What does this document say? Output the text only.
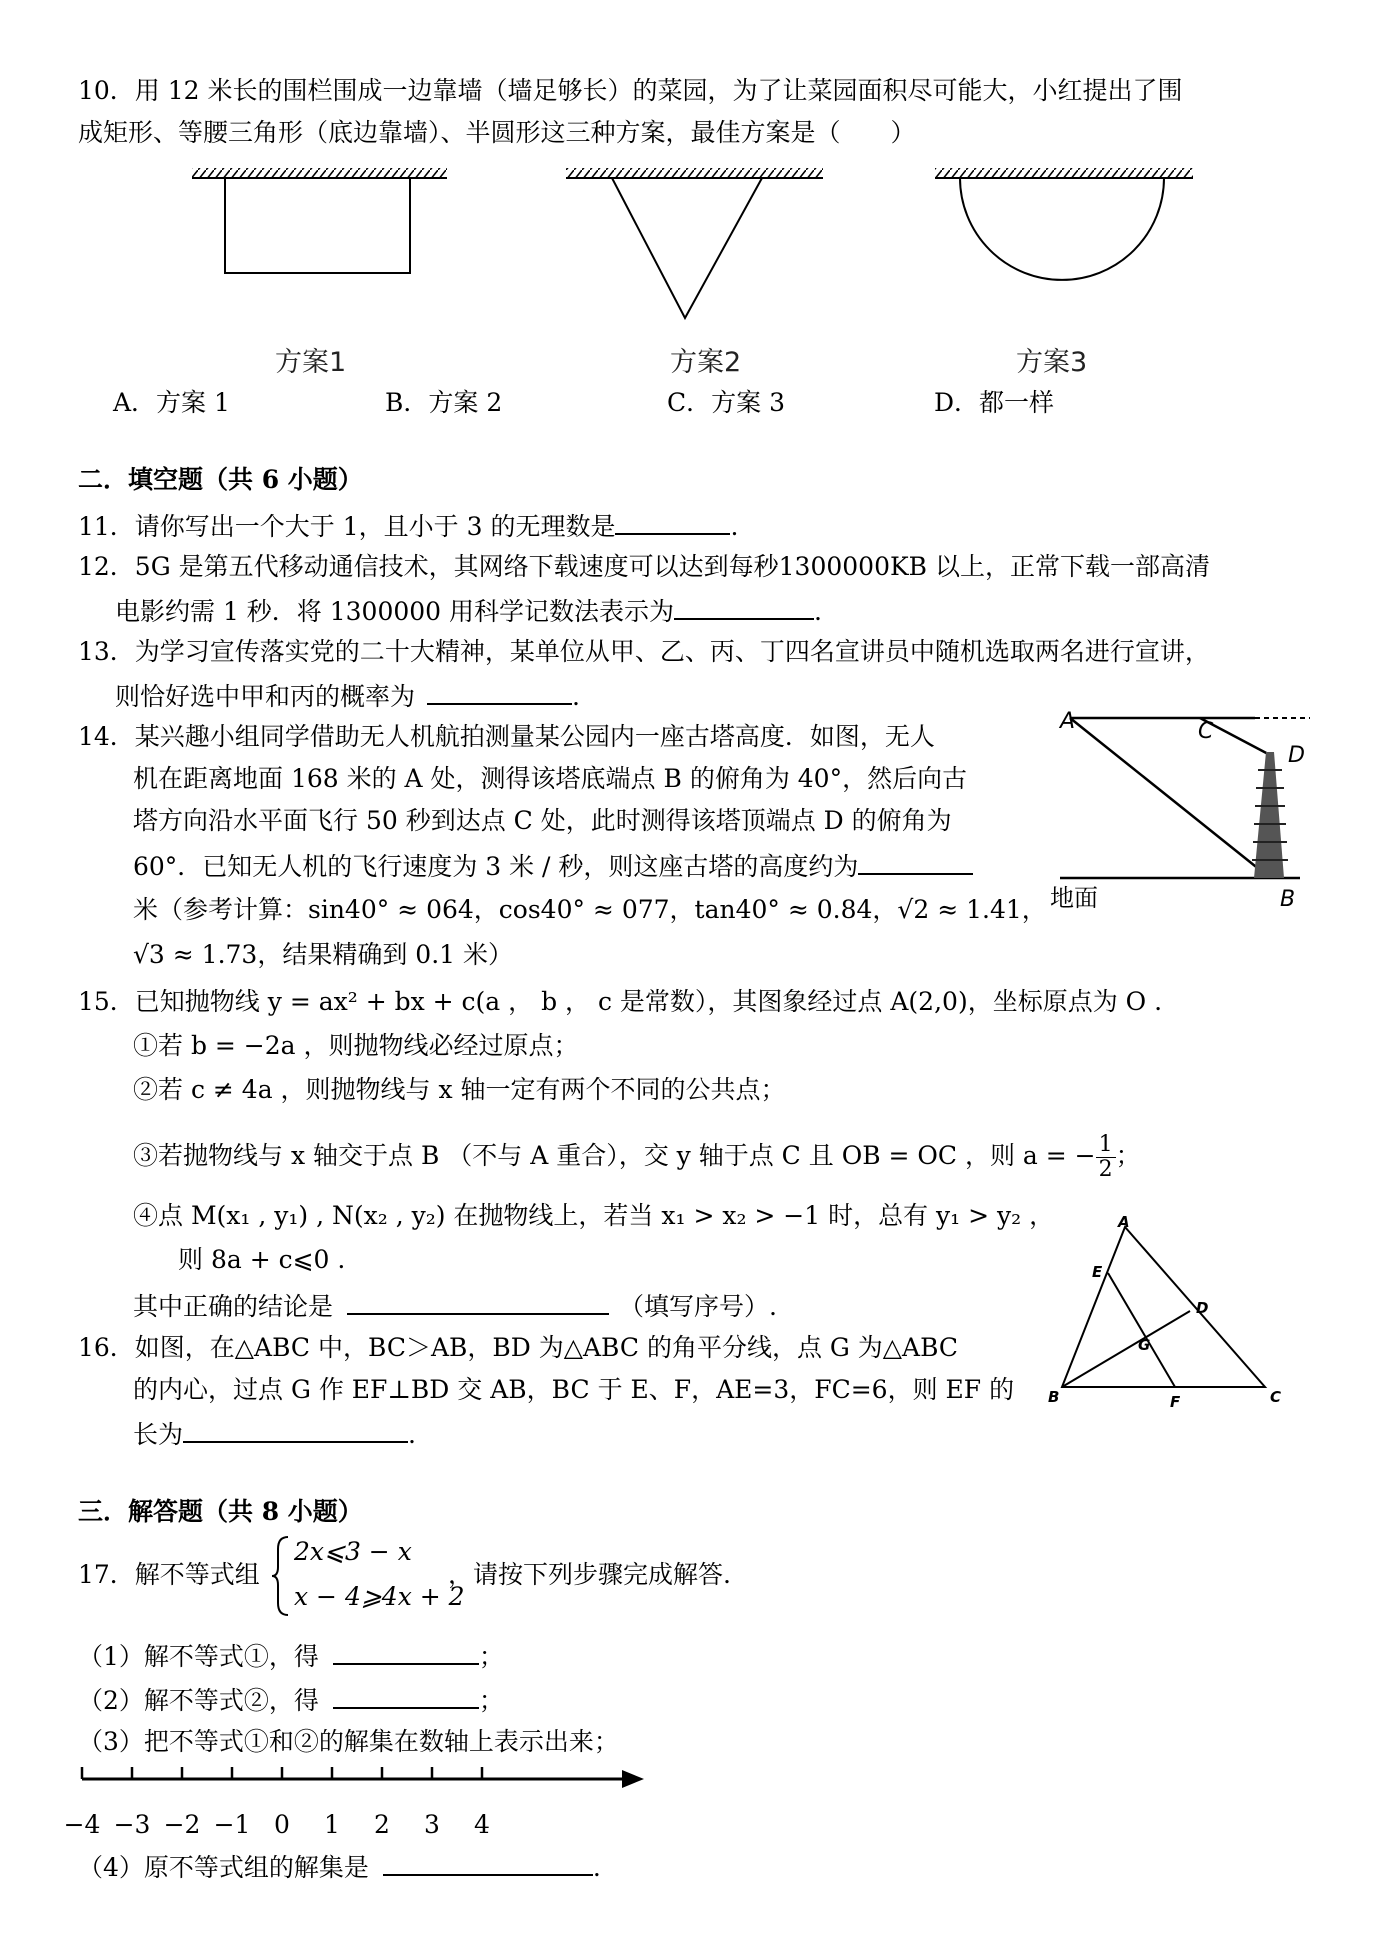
10．用 12 米长的围栏围成一边靠墙（墙足够长）的菜园，为了让菜园面积尽可能大，小红提出了围
成矩形、等腰三角形（底边靠墙）、半圆形这三种方案，最佳方案是（　　）
方案1	方案2	方案3
A．方案 1	B．方案 2	C．方案 3	D．都一样
二．填空题（共 6 小题）
11．请你写出一个大于 1，且小于 3 的无理数是	.
12．5G 是第五代移动通信技术，其网络下载速度可以达到每秒1300000KB 以上，正常下载一部高清
电影约需 1 秒．将 1300000 用科学记数法表示为	.
13．为学习宣传落实党的二十大精神，某单位从甲、乙、丙、丁四名宣讲员中随机选取两名进行宣讲，
则恰好选中甲和丙的概率为	.
14．某兴趣小组同学借助无人机航拍测量某公园内一座古塔高度．如图，无人
机在距离地面 168 米的 A 处，测得该塔底端点 B 的俯角为 40°，然后向古
塔方向沿水平面飞行 50 秒到达点 C 处，此时测得该塔顶端点 D 的俯角为
60°．已知无人机的飞行速度为 3 米 / 秒，则这座古塔的高度约为
米（参考计算：sin40° ≈ 064，cos40° ≈ 077，tan40° ≈ 0.84，√2 ≈ 1.41，
√3 ≈ 1.73，结果精确到 0.1 米）
A	C
D
B
地面
15．已知抛物线 y = ax² + bx + c(a ， b ， c 是常数），其图象经过点 A(2,0)，坐标原点为 O .
①若 b = −2a ，则抛物线必经过原点；
②若 c ≠ 4a ，则抛物线与 x 轴一定有两个不同的公共点；
③若抛物线与 x 轴交于点 B （不与 A 重合），交 y 轴于点 C 且 OB = OC ，则 a = − $\frac{1}{2}$ ；
④点 M(x₁ , y₁) , N(x₂ , y₂) 在抛物线上，若当 x₁ > x₂ > −1 时，总有 y₁ > y₂ ，
则 8a + c⩽0 .
其中正确的结论是	（填写序号）.
16．如图，在△ABC 中，BC＞AB，BD 为△ABC 的角平分线，点 G 为△ABC
的内心，过点 G 作 EF⊥BD 交 AB，BC 于 E、F，AE=3，FC=6，则 EF 的
长为	.
A
E
D
G
B	F	C
三．解答题（共 8 小题）
17．解不等式组
2x⩽3 − x
x − 4⩾4x + 2
，请按下列步骤完成解答.
（1）解不等式①，得	；
（2）解不等式②，得	；
（3）把不等式①和②的解集在数轴上表示出来；
−4 −3 −2 −1 0 1 2 3 4
（4）原不等式组的解集是	.
